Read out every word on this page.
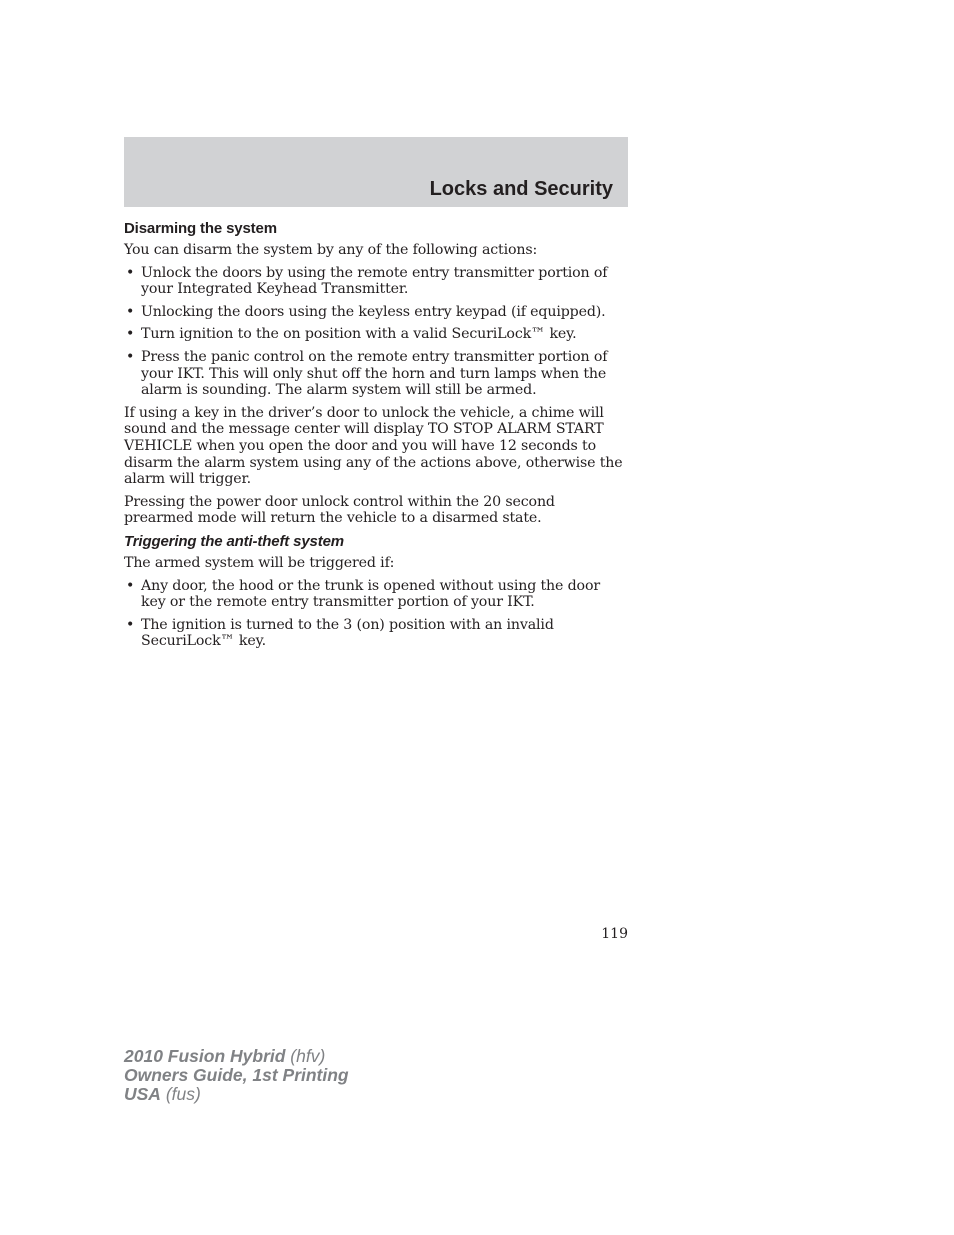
Locks and Security
Disarming the system

You can disarm the system by any of the following actions:

• Unlock the doors by using the remote entry transmitter portion of your Integrated Keyhead Transmitter.
• Unlocking the doors using the keyless entry keypad (if equipped).
• Turn ignition to the on position with a valid SecuriLock™ key.
• Press the panic control on the remote entry transmitter portion of your IKT. This will only shut off the horn and turn lamps when the alarm is sounding. The alarm system will still be armed.

If using a key in the driver’s door to unlock the vehicle, a chime will sound and the message center will display TO STOP ALARM START VEHICLE when you open the door and you will have 12 seconds to disarm the alarm system using any of the actions above, otherwise the alarm will trigger.

Pressing the power door unlock control within the 20 second prearmed mode will return the vehicle to a disarmed state.

Triggering the anti-theft system

The armed system will be triggered if:

• Any door, the hood or the trunk is opened without using the door key or the remote entry transmitter portion of your IKT.
• The ignition is turned to the 3 (on) position with an invalid SecuriLock™ key.
119
2010 Fusion Hybrid (hfv)
Owners Guide, 1st Printing
USA (fus)
